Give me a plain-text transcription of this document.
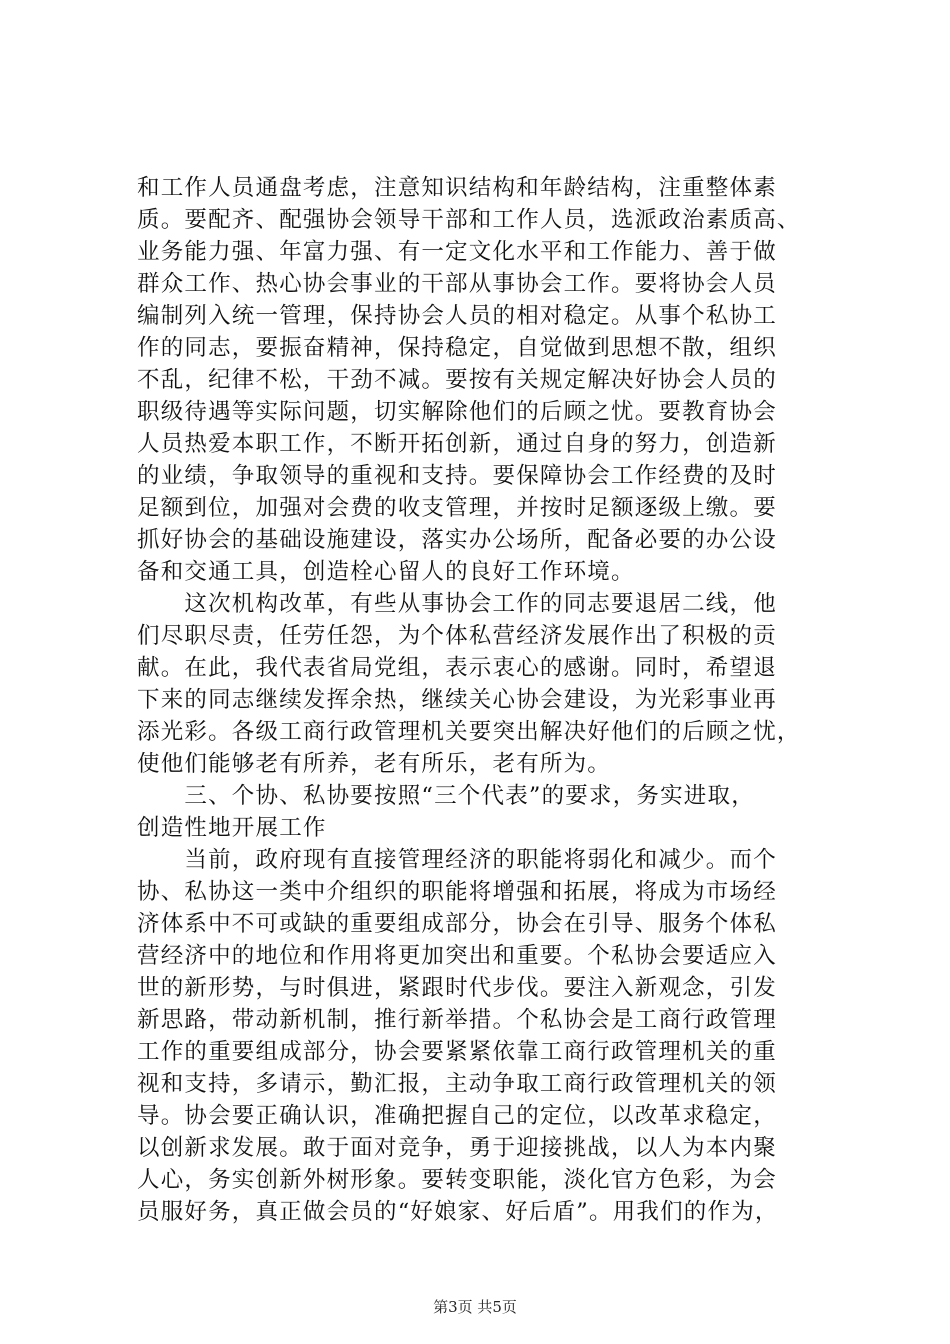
和工作人员通盘考虑，注意知识结构和年龄结构，注重整体素
质。要配齐、配强协会领导干部和工作人员，选派政治素质高、
业务能力强、年富力强、有一定文化水平和工作能力、善于做
群众工作、热心协会事业的干部从事协会工作。要将协会人员
编制列入统一管理，保持协会人员的相对稳定。从事个私协工
作的同志，要振奋精神，保持稳定，自觉做到思想不散，组织
不乱，纪律不松，干劲不减。要按有关规定解决好协会人员的
职级待遇等实际问题，切实解除他们的后顾之忧。要教育协会
人员热爱本职工作，不断开拓创新，通过自身的努力，创造新
的业绩，争取领导的重视和支持。要保障协会工作经费的及时
足额到位，加强对会费的收支管理，并按时足额逐级上缴。要
抓好协会的基础设施建设，落实办公场所，配备必要的办公设
备和交通工具，创造栓心留人的良好工作环境。
　　这次机构改革，有些从事协会工作的同志要退居二线，他
们尽职尽责，任劳任怨，为个体私营经济发展作出了积极的贡
献。在此，我代表省局党组，表示衷心的感谢。同时，希望退
下来的同志继续发挥余热，继续关心协会建设，为光彩事业再
添光彩。各级工商行政管理机关要突出解决好他们的后顾之忧，
使他们能够老有所养，老有所乐，老有所为。
　　三、个协、私协要按照“三个代表”的要求，务实进取，
创造性地开展工作
　　当前，政府现有直接管理经济的职能将弱化和减少。而个
协、私协这一类中介组织的职能将增强和拓展，将成为市场经
济体系中不可或缺的重要组成部分，协会在引导、服务个体私
营经济中的地位和作用将更加突出和重要。个私协会要适应入
世的新形势，与时俱进，紧跟时代步伐。要注入新观念，引发
新思路，带动新机制，推行新举措。个私协会是工商行政管理
工作的重要组成部分，协会要紧紧依靠工商行政管理机关的重
视和支持，多请示，勤汇报，主动争取工商行政管理机关的领
导。协会要正确认识，准确把握自己的定位，以改革求稳定，
以创新求发展。敢于面对竞争，勇于迎接挑战，以人为本内聚
人心，务实创新外树形象。要转变职能，淡化官方色彩，为会
员服好务，真正做会员的“好娘家、好后盾”。用我们的作为，
第3页 共5页
